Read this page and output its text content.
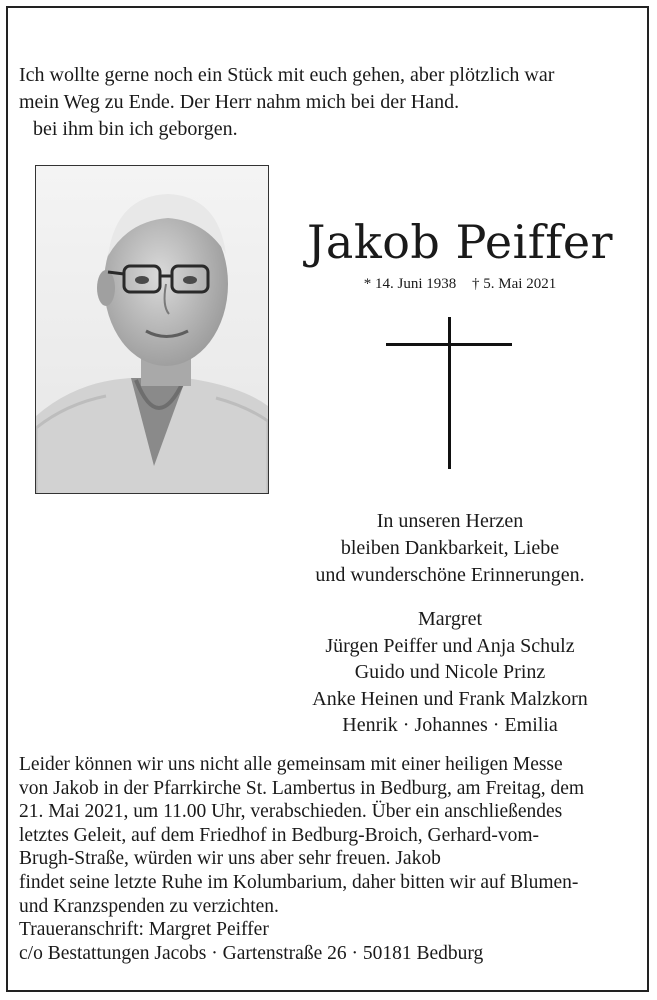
Ich wollte gerne noch ein Stück mit euch gehen, aber plötzlich war
mein Weg zu Ende. Der Herr nahm mich bei der Hand.
bei ihm bin ich geborgen.
Jakob Peiffer
* 14. Juni 1938 † 5. Mai 2021
In unseren Herzen
bleiben Dankbarkeit, Liebe
und wunderschöne Erinnerungen.
Margret
Jürgen Peiffer und Anja Schulz
Guido und Nicole Prinz
Anke Heinen und Frank Malzkorn
Henrik · Johannes · Emilia
Leider können wir uns nicht alle gemeinsam mit einer heiligen Messe
von Jakob in der Pfarrkirche St. Lambertus in Bedburg, am Freitag, dem
21. Mai 2021, um 11.00 Uhr, verabschieden. Über ein anschließendes
letztes Geleit, auf dem Friedhof in Bedburg-Broich, Gerhard-vom-
Brugh-Straße, würden wir uns aber sehr freuen. Jakob
findet seine letzte Ruhe im Kolumbarium, daher bitten wir auf Blumen-
und Kranzspenden zu verzichten.
Traueranschrift: Margret Peiffer
c/o Bestattungen Jacobs · Gartenstraße 26 · 50181 Bedburg
